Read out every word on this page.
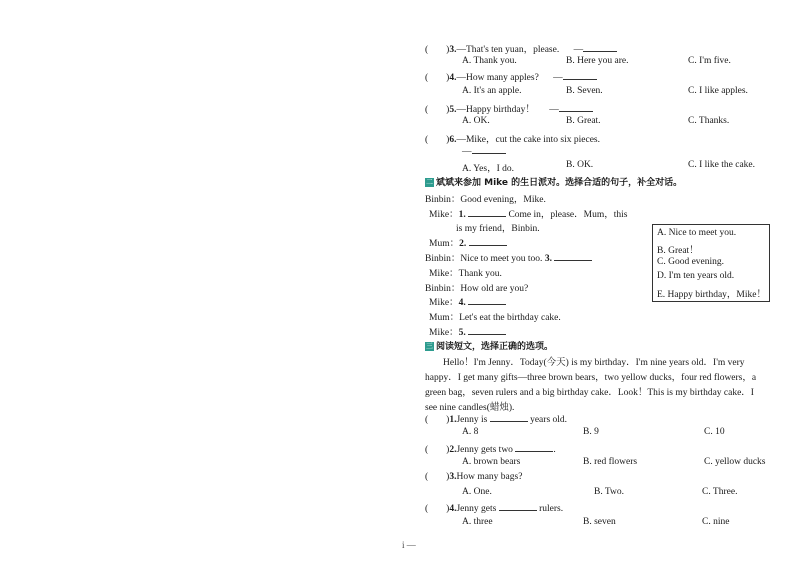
( )3.—That's ten yuan，please. —
A. Thank you.	B. Here you are.	C. I'm five.
( )4.—How many apples? —
A. It's an apple.	B. Seven.	C. I like apples.
( )5.—Happy birthday！ —
A. OK.	B. Great.	C. Thanks.
( )6.—Mike，cut the cake into six pieces.
—
A. Yes，I do.	B. OK.	C. I like the cake.
二 斌斌来参加 Mike 的生日派对。选择合适的句子，补全对话。
Binbin：Good evening，Mike.
Mike：1.	Come in，please．Mum，this
is my friend，Binbin.
Mum：2.
Binbin：Nice to meet you too. 3.
Mike：Thank you.
Binbin：How old are you?
Mike：4.
Mum：Let's eat the birthday cake.
Mike：5.
A. Nice to meet you.
B. Great！
C. Good evening.
D. I'm ten years old.
E. Happy birthday，Mike！
三 阅读短文，选择正确的选项。
Hello！I'm Jenny．Today(今天) is my birthday．I'm nine years old．I'm very
happy．I get many gifts—three brown bears，two yellow ducks，four red flowers，a
green bag，seven rulers and a big birthday cake．Look！This is my birthday cake．I
see nine candles(蜡烛).
( )1.Jenny is	years old.
A. 8	B. 9	C. 10
( )2.Jenny gets two	.
A. brown bears	B. red flowers	C. yellow ducks
( )3.How many bags?
A. One.	B. Two.	C. Three.
( )4.Jenny gets	rulers.
A. three	B. seven	C. nine
i —
